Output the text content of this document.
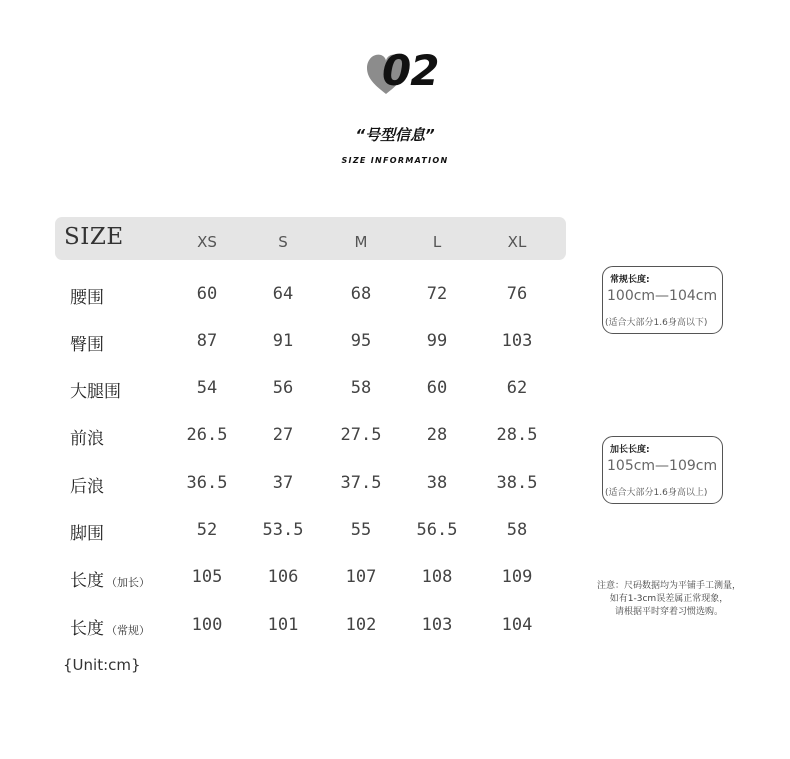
02
“号型信息”
SIZE INFORMATION
SIZE	XS	S	M	L	XL
腰围	60	64	68	72	76
臀围	87	91	95	99	103
大腿围	54	56	58	60	62
前浪	26.5	27	27.5	28	28.5
后浪	36.5	37	37.5	38	38.5
脚围	52	53.5	55	56.5	58
长度 （加长）	105	106	107	108	109
长度 （常规）	100	101	102	103	104
{Unit:cm}
常规长度:
100cm—104cm
(适合大部分1.6身高以下)
加长长度:
105cm—109cm
(适合大部分1.6身高以上)
注意：尺码数据均为平铺手工测量，
如有1-3cm误差属正常现象，
请根据平时穿着习惯选购。
